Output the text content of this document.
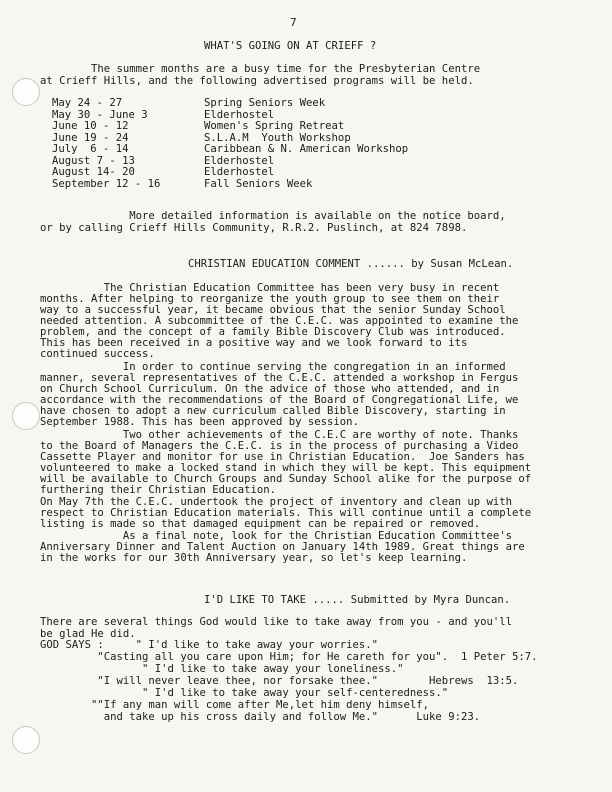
7
WHAT'S GOING ON AT CRIEFF ?
The summer months are a busy time for the Presbyterian Centre
at Crieff Hills, and the following advertised programs will be held.
May 24 - 27	Spring Seniors Week
May 30 - June 3	Elderhostel
June 10 - 12	Women's Spring Retreat
June 19 - 24	S.L.A.M  Youth Workshop
July  6 - 14	Caribbean & N. American Workshop
August 7 - 13	Elderhostel
August 14- 20	Elderhostel
September 12 - 16	Fall Seniors Week
More detailed information is available on the notice board,
or by calling Crieff Hills Community, R.R.2. Puslinch, at 824 7898.
CHRISTIAN EDUCATION COMMENT ...... by Susan McLean.
The Christian Education Committee has been very busy in recent
months. After helping to reorganize the youth group to see them on their
way to a successful year, it became obvious that the senior Sunday School
needed attention. A subcommittee of the C.E.C. was appointed to examine the
problem, and the concept of a family Bible Discovery Club was introduced.
This has been received in a positive way and we look forward to its
continued success.
In order to continue serving the congregation in an informed
manner, several representatives of the C.E.C. attended a workshop in Fergus
on Church School Curriculum. On the advice of those who attended, and in
accordance with the recommendations of the Board of Congregational Life, we
have chosen to adopt a new curriculum called Bible Discovery, starting in
September 1988. This has been approved by session.
Two other achievements of the C.E.C are worthy of note. Thanks
to the Board of Managers the C.E.C. is in the process of purchasing a Video
Cassette Player and monitor for use in Christian Education.  Joe Sanders has
volunteered to make a locked stand in which they will be kept. This equipment
will be available to Church Groups and Sunday School alike for the purpose of
furthering their Christian Education.
On May 7th the C.E.C. undertook the project of inventory and clean up with
respect to Christian Education materials. This will continue until a complete
listing is made so that damaged equipment can be repaired or removed.
As a final note, look for the Christian Education Committee's
Anniversary Dinner and Talent Auction on January 14th 1989. Great things are
in the works for our 30th Anniversary year, so let's keep learning.
I'D LIKE TO TAKE ..... Submitted by Myra Duncan.
There are several things God would like to take away from you - and you'll
be glad He did.
GOD SAYS :     " I'd like to take away your worries."
"Casting all you care upon Him; for He careth for you".  1 Peter 5:7.
" I'd like to take away your loneliness."
"I will never leave thee, nor forsake thee."        Hebrews  13:5.
" I'd like to take away your self-centeredness."
""If any man will come after Me,let him deny himself,
and take up his cross daily and follow Me."      Luke 9:23.
